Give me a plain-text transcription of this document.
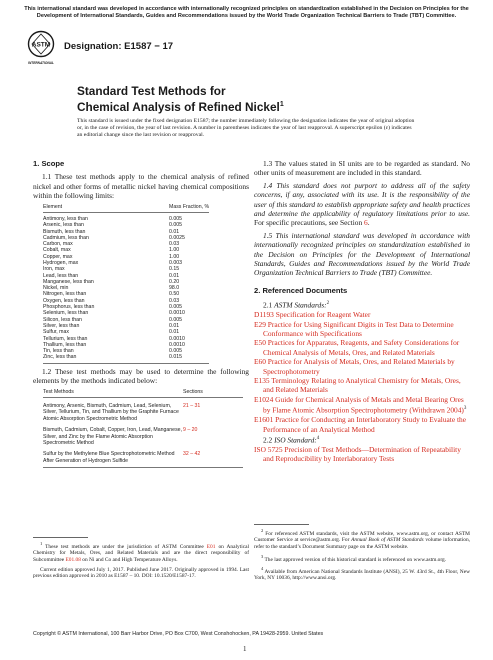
This international standard was developed in accordance with internationally recognized principles on standardization established in the Decision on Principles for the Development of International Standards, Guides and Recommendations issued by the World Trade Organization Technical Barriers to Trade (TBT) Committee.
ASTM
INTERNATIONAL
Designation: E1587 − 17
Standard Test Methods for
Chemical Analysis of Refined Nickel$^1$
This standard is issued under the fixed designation E1587; the number immediately following the designation indicates the year of original adoption or, in the case of revision, the year of last revision. A number in parentheses indicates the year of last reapproval. A superscript epsilon (ε) indicates an editorial change since the last revision or reapproval.
1. Scope

1.1 These test methods apply to the chemical analysis of refined nickel and other forms of metallic nickel having chemical compositions within the following limits:

Element	Mass Fraction, %
Antimony, less than	0.005
Arsenic, less than	0.005
Bismuth, less than	0.01
Cadmium, less than	0.0025
Carbon, max	0.03
Cobalt, max	1.00
Copper, max	1.00
Hydrogen, max	0.003
Iron, max	0.15
Lead, less than	0.01
Manganese, less than	0.20
Nickel, min	98.0
Nitrogen, less than	0.50
Oxygen, less than	0.03
Phosphorus, less than	0.005
Selenium, less than	0.0010
Silicon, less than	0.005
Silver, less than	0.01
Sulfur, max	0.01
Tellurium, less than	0.0010
Thallium, less than	0.0010
Tin, less than	0.005
Zinc, less than	0.015

1.2 These test methods may be used to determine the following elements by the methods indicated below:

Test Methods	Sections
Antimony, Arsenic, Bismuth, Cadmium, Lead, Selenium, Silver, Tellurium, Tin, and Thallium by the Graphite Furnace Atomic Absorption Spectrometric Method	21 – 31
Bismuth, Cadmium, Cobalt, Copper, Iron, Lead, Manganese, Silver, and Zinc by the Flame Atomic Absorption Spectrometric Method	9 – 20
Sulfur by the Methylene Blue Spectrophotometric Method After Generation of Hydrogen Sulfide	32 – 42

1.3 The values stated in SI units are to be regarded as standard. No other units of measurement are included in this standard.

1.4 This standard does not purport to address all of the safety concerns, if any, associated with its use. It is the responsibility of the user of this standard to establish appropriate safety and health practices and determine the applicability of regulatory limitations prior to use. For specific precautions, see Section 6.

1.5 This international standard was developed in accordance with internationally recognized principles on standardization established in the Decision on Principles for the Development of International Standards, Guides and Recommendations issued by the World Trade Organization Technical Barriers to Trade (TBT) Committee.

2. Referenced Documents
2.1 ASTM Standards:$^2$
D1193 Specification for Reagent Water
E29 Practice for Using Significant Digits in Test Data to Determine Conformance with Specifications
E50 Practices for Apparatus, Reagents, and Safety Considerations for Chemical Analysis of Metals, Ores, and Related Materials
E60 Practice for Analysis of Metals, Ores, and Related Materials by Spectrophotometry
E135 Terminology Relating to Analytical Chemistry for Metals, Ores, and Related Materials
E1024 Guide for Chemical Analysis of Metals and Metal Bearing Ores by Flame Atomic Absorption Spectrophotometry (Withdrawn 2004)$^3$
E1601 Practice for Conducting an Interlaboratory Study to Evaluate the Performance of an Analytical Method
2.2 ISO Standard:$^4$
ISO 5725 Precision of Test Methods—Determination of Repeatability and Reproducibility by Interlaboratory Tests

$^1$ These test methods are under the jurisdiction of ASTM Committee E01 on Analytical Chemistry for Metals, Ores, and Related Materials and are the direct responsibility of Subcommittee E01.08 on Ni and Co and High Temperature Alloys.

Current edition approved July 1, 2017. Published June 2017. Originally approved in 1994. Last previous edition approved in 2010 as E1587 – 10. DOI: 10.1520/E1587-17.

$^2$ For referenced ASTM standards, visit the ASTM website, www.astm.org, or contact ASTM Customer Service at service@astm.org. For Annual Book of ASTM Standards volume information, refer to the standard’s Document Summary page on the ASTM website.

$^3$ The last approved version of this historical standard is referenced on www.astm.org.

$^4$ Available from American National Standards Institute (ANSI), 25 W. 43rd St., 4th Floor, New York, NY 10036, http://www.ansi.org.

Copyright © ASTM International, 100 Barr Harbor Drive, PO Box C700, West Conshohocken, PA 19428-2959. United States
1
